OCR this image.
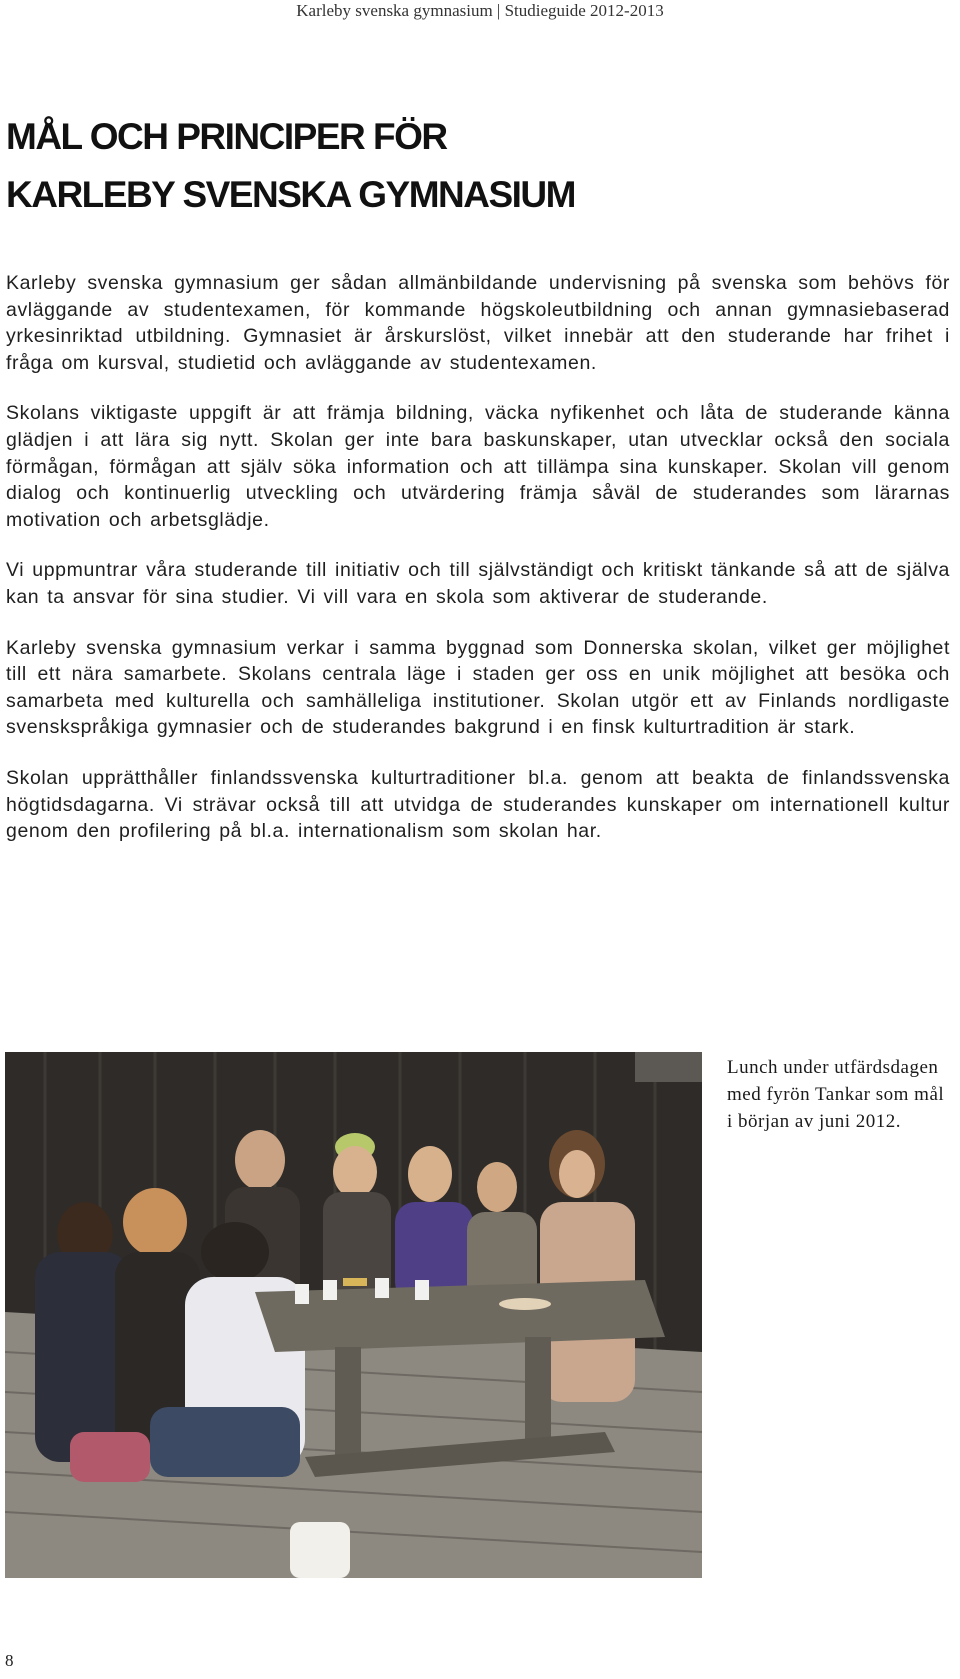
Karleby svenska gymnasium | Studieguide 2012-2013
MÅL OCH PRINCIPER FÖR
KARLEBY SVENSKA GYMNASIUM

Karleby svenska gymnasium ger sådan allmänbildande undervisning på svenska som behövs för avläggande av studentexamen, för kommande högskoleutbildning och annan gymnasiebaserad yrkesinriktad utbildning. Gymnasiet är årskurslöst, vilket innebär att den studerande har frihet i fråga om kursval, studietid och avläggande av studentexamen.

Skolans viktigaste uppgift är att främja bildning, väcka nyfikenhet och låta de studerande känna glädjen i att lära sig nytt. Skolan ger inte bara baskunskaper, utan utvecklar också den sociala förmågan, förmågan att själv söka information och att tillämpa sina kunskaper. Skolan vill genom dialog och kontinuerlig utveckling och utvärdering främja såväl de studerandes som lärarnas motivation och arbetsglädje.

Vi uppmuntrar våra studerande till initiativ och till självständigt och kritiskt tänkande så att de själva kan ta ansvar för sina studier. Vi vill vara en skola som aktiverar de studerande.

Karleby svenska gymnasium verkar i samma byggnad som Donnerska skolan, vilket ger möjlighet till ett nära samarbete. Skolans centrala läge i staden ger oss en unik möjlighet att besöka och samarbeta med kulturella och samhälleliga institutioner. Skolan utgör ett av Finlands nordligaste svenskspråkiga gymnasier och de studerandes bakgrund i en finsk kulturtradition är stark.

Skolan upprätthåller finlandssvenska kulturtraditioner bl.a. genom att beakta de finlandssvenska högtidsdagarna. Vi strävar också till att utvidga de studerandes kunskaper om internationell kultur genom den profilering på bl.a. internationalism som skolan har.

Lunch under utfärdsdagen med fyrön Tankar som mål i början av juni 2012.
8
